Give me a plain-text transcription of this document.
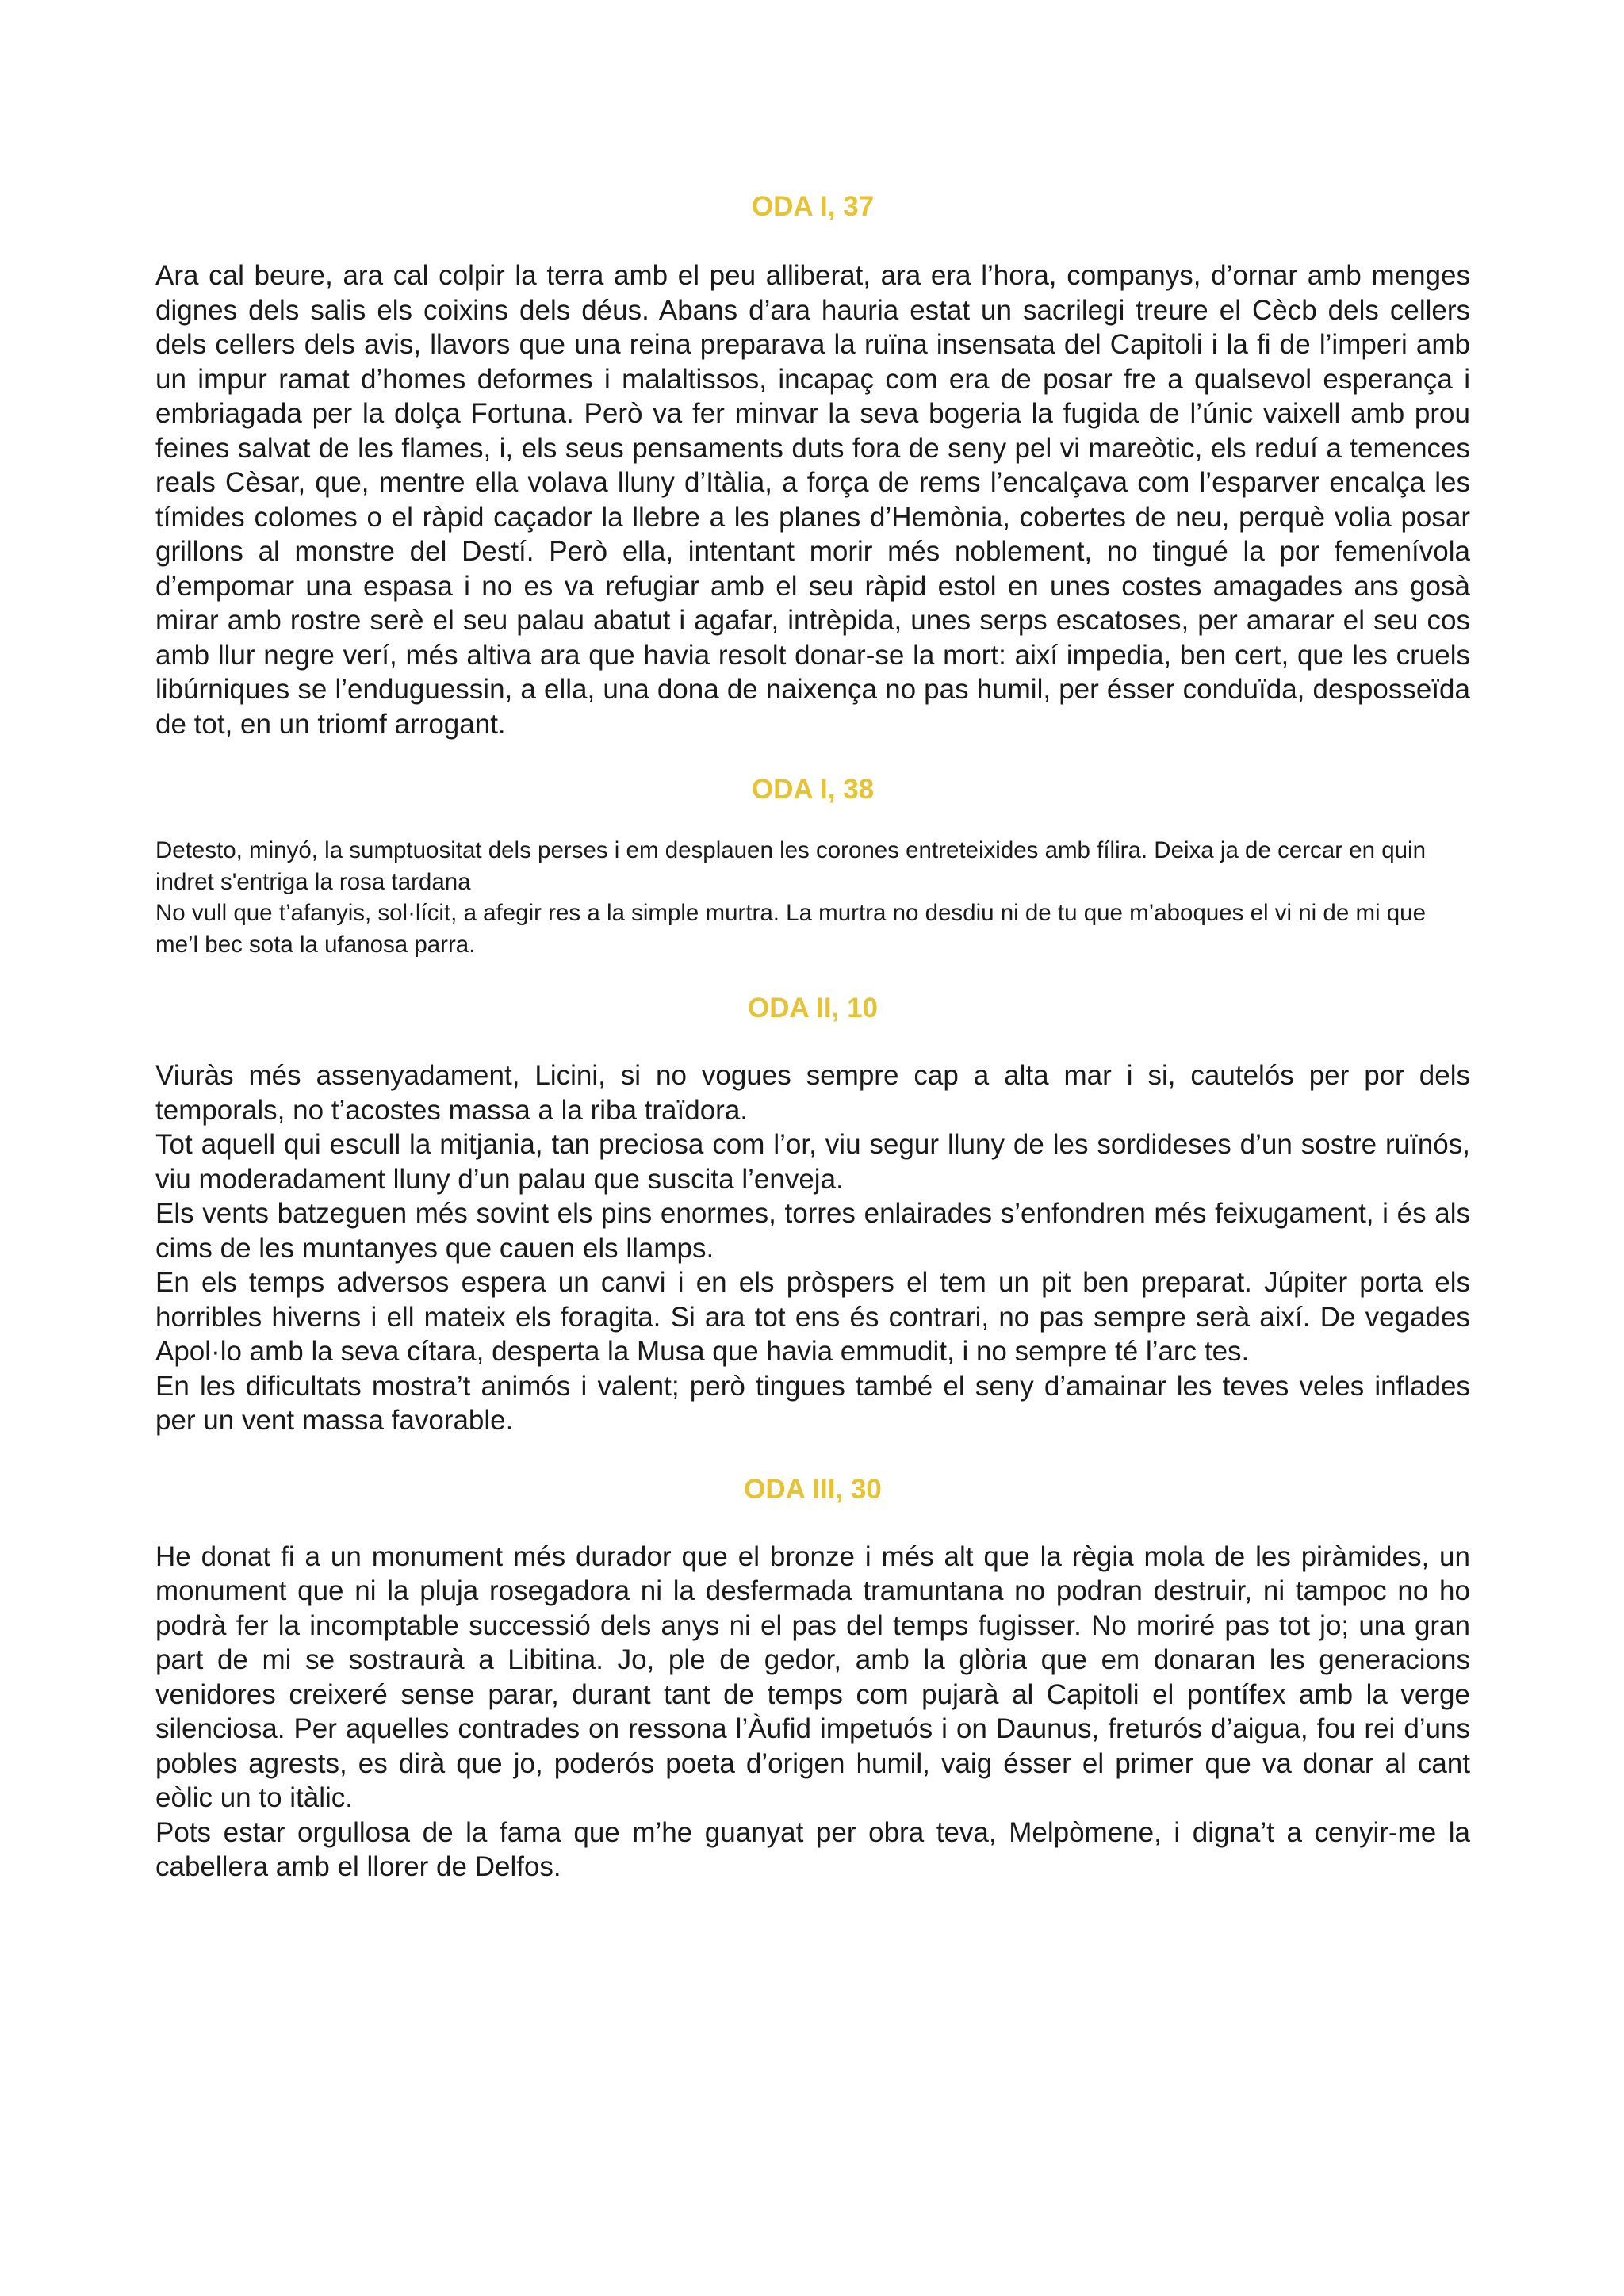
ODA I, 37

Ara cal beure, ara cal colpir la terra amb el peu alliberat, ara era l’hora, companys, d’ornar amb menges dignes dels salis els coixins dels déus. Abans d’ara hauria estat un sacrilegi treure el Cècb dels cellers dels cellers dels avis, llavors que una reina preparava la ruïna insensata del Capitoli i la fi de l’imperi amb un impur ramat d’homes deformes i malaltissos, incapaç com era de posar fre a qualsevol esperança i embriagada per la dolça Fortuna. Però va fer minvar la seva bogeria la fugida de l’únic vaixell amb prou feines salvat de les flames, i, els seus pensaments duts fora de seny pel vi mareòtic, els reduí a temences reals Cèsar, que, mentre ella volava lluny d’Itàlia, a força de rems l’encalçava com l’esparver encalça les tímides colomes o el ràpid caçador la llebre a les planes d’Hemònia, cobertes de neu, perquè volia posar grillons al monstre del Destí. Però ella, intentant morir més noblement, no tingué la por femenívola d’empomar una espasa i no es va refugiar amb el seu ràpid estol en unes costes amagades ans gosà mirar amb rostre serè el seu palau abatut i agafar, intrèpida, unes serps escatoses, per amarar el seu cos amb llur negre verí, més altiva ara que havia resolt donar-se la mort: així impedia, ben cert, que les cruels libúrniques se l’enduguessin, a ella, una dona de naixença no pas humil, per ésser conduïda, desposseïda de tot, en un triomf arrogant.

ODA I, 38

Detesto, minyó, la sumptuositat dels perses i em desplauen les corones entreteixides amb fílira. Deixa ja de cercar en quin indret s'entriga la rosa tardana

No vull que t’afanyis, sol·lícit, a afegir res a la simple murtra. La murtra no desdiu ni de tu que m’aboques el vi ni de mi que me’l bec sota la ufanosa parra.

ODA II, 10

Viuràs més assenyadament, Licini, si no vogues sempre cap a alta mar i si, cautelós per por dels temporals, no t’acostes massa a la riba traïdora.

Tot aquell qui escull la mitjania, tan preciosa com l’or, viu segur lluny de les sordideses d’un sostre ruïnós, viu moderadament lluny d’un palau que suscita l’enveja.

Els vents batzeguen més sovint els pins enormes, torres enlairades s’enfondren més feixugament, i és als cims de les muntanyes que cauen els llamps.

En els temps adversos espera un canvi i en els pròspers el tem un pit ben preparat. Júpiter porta els horribles hiverns i ell mateix els foragita. Si ara tot ens és contrari, no pas sempre serà així. De vegades Apol·lo amb la seva cítara, desperta la Musa que havia emmudit, i no sempre té l’arc tes.

En les dificultats mostra’t animós i valent; però tingues també el seny d’amainar les teves veles inflades per un vent massa favorable.

ODA III, 30

He donat fi a un monument més durador que el bronze i més alt que la règia mola de les piràmides, un monument que ni la pluja rosegadora ni la desfermada tramuntana no podran destruir, ni tampoc no ho podrà fer la incomptable successió dels anys ni el pas del temps fugisser. No moriré pas tot jo; una gran part de mi se sostraurà a Libitina. Jo, ple de gedor, amb la glòria que em donaran les generacions venidores creixeré sense parar, durant tant de temps com pujarà al Capitoli el pontífex amb la verge silenciosa. Per aquelles contrades on ressona l’Àufid impetuós i on Daunus, freturós d’aigua, fou rei d’uns pobles agrests, es dirà que jo, poderós poeta d’origen humil, vaig ésser el primer que va donar al cant eòlic un to itàlic.

Pots estar orgullosa de la fama que m’he guanyat per obra teva, Melpòmene, i digna’t a cenyir-me la cabellera amb el llorer de Delfos.
